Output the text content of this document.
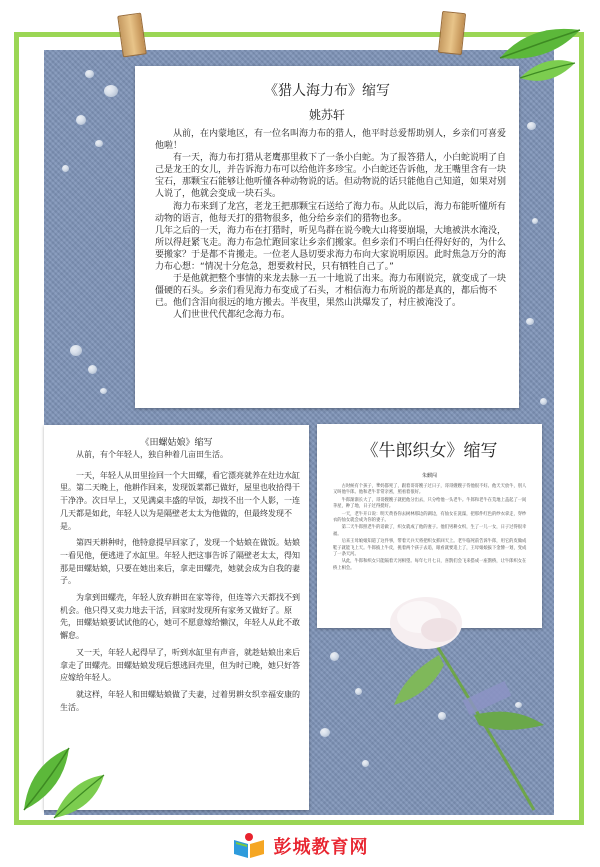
《猎人海力布》缩写
姚苏轩

从前，在内蒙地区，有一位名叫海力布的猎人，他平时总爱帮助别人，乡亲们可喜爱他啦！

有一天，海力布打猎从老鹰那里救下了一条小白蛇。为了报答猎人，小白蛇说明了自己是龙王的女儿，并告诉海力布可以给他许多珍宝。小白蛇还告诉他，龙王嘴里含有一块宝石，那颗宝石能够让他听懂各种动物说的话。但动物说的话只能他自己知道，如果对别人说了，他就会变成一块石头。

海力布来到了龙宫，老龙王把那颗宝石送给了海力布。从此以后，海力布能听懂所有动物的语言，他每天打的猎物很多，他分给乡亲们的猎物也多。

几年之后的一天，海力布在打猎时，听见鸟群在说今晚大山将要崩塌，大地被洪水淹没，所以得赶紧飞走。海力布急忙跑回家让乡亲们搬家。但乡亲们不明白任得好好的，为什么要搬家？于是都不肯搬走。一位老人恳切要求海力布向大家说明原因。此时焦急万分的海力布心想：“情况十分危急，想要救村民，只有牺牲自己了。”

于是他就把整个事情的来龙去脉一五一十地说了出来。海力布刚说完，就变成了一块僵硬的石头。乡亲们看见海力布变成了石头，才相信海力布所说的都是真的，都后悔不已。他们含泪向很远的地方搬去。半夜里，果然山洪爆发了，村庄被淹没了。

人们世世代代都纪念海力布。

《田螺姑娘》缩写

从前，有个年轻人，独自种着几亩田生活。

一天，年轻人从田里捡回一个大田螺，看它漂亮就养在灶边水缸里。第二天晚上，他耕作回来，发现饭菜都已做好，屋里也收拾得干干净净。次日早上，又见满桌丰盛的早饭，却找不出一个人影，一连几天都是如此，年轻人以为是隔壁老太太为他做的，但最终发现不是。

第四天耕种时，他特意提早回家了，发现一个姑娘在做饭。姑娘一看见他，便逃进了水缸里。年轻人把这事告诉了隔壁老太太，得知那是田螺姑娘，只要在她出来后，拿走田螺壳，她就会成为自我的妻子。

为拿到田螺壳，年轻人放弃耕田在家等待，但连等六天都找不到机会。他只得又卖力地去干活，回家时发现所有家务又做好了。原先，田螺姑娘要试试他的心，她可不愿意嫁给懒汉，年轻人从此不敢懈怠。

又一天，年轻人起得早了，听到水缸里有声音，就趁姑娘出来后拿走了田螺壳。田螺姑娘发现后想逃回壳里，但为时已晚，她只好答应嫁给年轻人。

就这样，年轻人和田螺姑娘做了夫妻，过着男耕女织幸福安康的生活。

《牛郎织女》缩写
朱麒闯

古时候有个孩子，爹妈都死了，跟着哥哥嫂子过日子，哥哥嫂嫂子待他很不好。他天天放牛，别人又叫他牛郎。他和老牛非常亲密，照看着很好。

牛郎渐渐长大了，哥哥嫂嫂子就把他分出去，只分给他一头老牛。牛郎和老牛在荒地上盖起了一间茅屋，种了地，日子过得挺好。

一天，老牛开口说：明天黄昏你去树林那边的湖边，有仙女在洗澡，把那件红色的纱衣拿走，穿纱衣的仙女就会成为你的妻子。

第二天牛郎照老牛的话做了，织女就成了他的妻子。他们男耕女织，生了一儿一女，日子过得很幸福。

后来王母娘娘知道了这件事，带着天兵天将把织女抓回天上。老牛临死前告诉牛郎，用它的皮做成鞋子就能飞上天。牛郎披上牛皮，挑着两个孩子去追，眼看就要追上了，王母娘娘拔下金簪一划，变成了一条天河。

从此，牛郎和织女只能隔着天河相望。每年七月七日，喜鹊们会飞来搭成一座鹊桥，让牛郎织女在桥上相会。

彭城教育网
